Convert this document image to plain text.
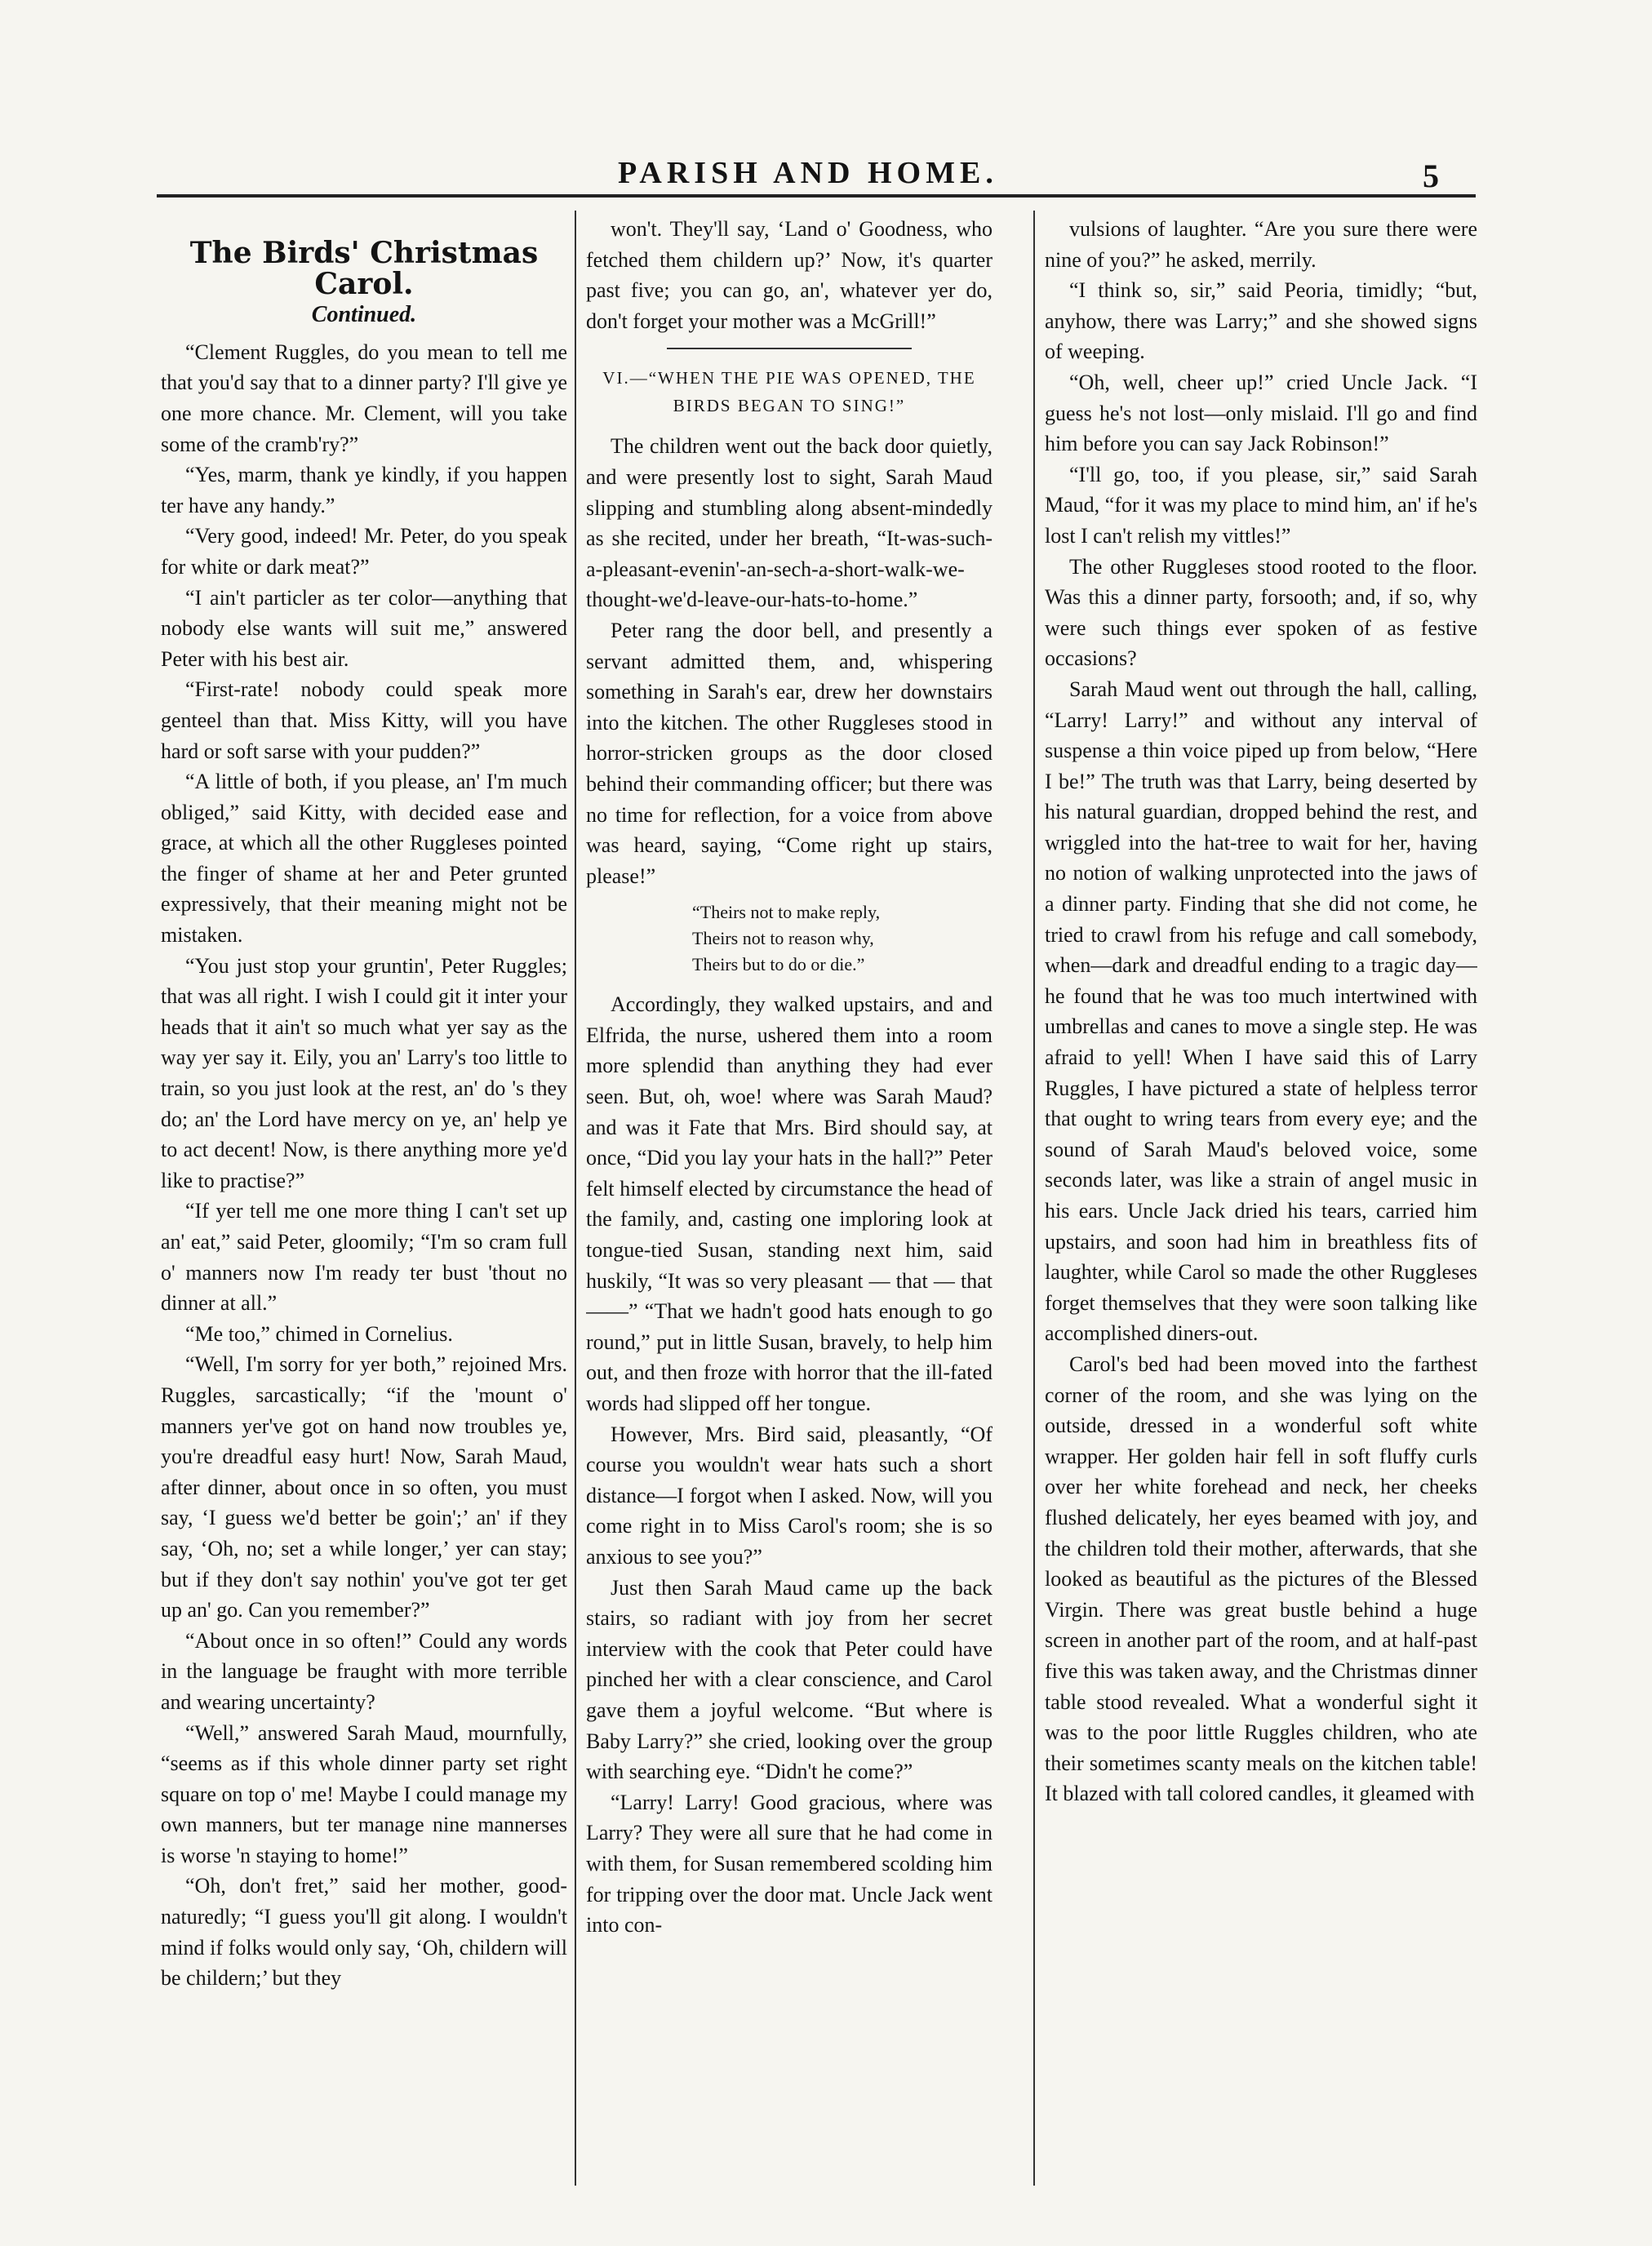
PARISH AND HOME.	5
The Birds' Christmas Carol.
Continued.

“Clement Ruggles, do you mean to tell me that you'd say that to a dinner party? I'll give ye one more chance. Mr. Clement, will you take some of the cramb'ry?”

“Yes, marm, thank ye kindly, if you happen ter have any handy.”

“Very good, indeed! Mr. Peter, do you speak for white or dark meat?”

“I ain't particler as ter color—anything that nobody else wants will suit me,” answered Peter with his best air.

“First-rate! nobody could speak more genteel than that. Miss Kitty, will you have hard or soft sarse with your pudden?”

“A little of both, if you please, an' I'm much obliged,” said Kitty, with decided ease and grace, at which all the other Ruggleses pointed the finger of shame at her and Peter grunted expressively, that their meaning might not be mistaken.

“You just stop your gruntin', Peter Ruggles; that was all right. I wish I could git it inter your heads that it ain't so much what yer say as the way yer say it. Eily, you an' Larry's too little to train, so you just look at the rest, an' do 's they do; an' the Lord have mercy on ye, an' help ye to act decent! Now, is there anything more ye'd like to practise?”

“If yer tell me one more thing I can't set up an' eat,” said Peter, gloomily; “I'm so cram full o' manners now I'm ready ter bust 'thout no dinner at all.”

“Me too,” chimed in Cornelius.

“Well, I'm sorry for yer both,” rejoined Mrs. Ruggles, sarcastically; “if the 'mount o' manners yer've got on hand now troubles ye, you're dreadful easy hurt! Now, Sarah Maud, after dinner, about once in so often, you must say, ‘I guess we'd better be goin';’ an' if they say, ‘Oh, no; set a while longer,’ yer can stay; but if they don't say nothin' you've got ter get up an' go. Can you remember?”

“About once in so often!” Could any words in the language be fraught with more terrible and wearing uncertainty?

“Well,” answered Sarah Maud, mournfully, “seems as if this whole dinner party set right square on top o' me! Maybe I could manage my own manners, but ter manage nine mannerses is worse 'n staying to home!”

“Oh, don't fret,” said her mother, good-naturedly; “I guess you'll git along. I wouldn't mind if folks would only say, ‘Oh, childern will be childern;’ but they

won't. They'll say, ‘Land o' Goodness, who fetched them childern up?’ Now, it's quarter past five; you can go, an', whatever yer do, don't forget your mother was a McGrill!”

VI.—“WHEN THE PIE WAS OPENED, THE BIRDS BEGAN TO SING!”

The children went out the back door quietly, and were presently lost to sight, Sarah Maud slipping and stumbling along absent-mindedly as she recited, under her breath, “It-was-such-a-pleasant-evenin'-an-sech-a-short-walk-we-thought-we'd-leave-our-hats-to-home.”

Peter rang the door bell, and presently a servant admitted them, and, whispering something in Sarah's ear, drew her downstairs into the kitchen. The other Ruggleses stood in horror-stricken groups as the door closed behind their commanding officer; but there was no time for reflection, for a voice from above was heard, saying, “Come right up stairs, please!”

“Theirs not to make reply,
Theirs not to reason why,
Theirs but to do or die.”

Accordingly, they walked upstairs, and and Elfrida, the nurse, ushered them into a room more splendid than anything they had ever seen. But, oh, woe! where was Sarah Maud? and was it Fate that Mrs. Bird should say, at once, “Did you lay your hats in the hall?” Peter felt himself elected by circumstance the head of the family, and, casting one imploring look at tongue-tied Susan, standing next him, said huskily, “It was so very pleasant — that — that——” “That we hadn't good hats enough to go round,” put in little Susan, bravely, to help him out, and then froze with horror that the ill-fated words had slipped off her tongue.

However, Mrs. Bird said, pleasantly, “Of course you wouldn't wear hats such a short distance—I forgot when I asked. Now, will you come right in to Miss Carol's room; she is so anxious to see you?”

Just then Sarah Maud came up the back stairs, so radiant with joy from her secret interview with the cook that Peter could have pinched her with a clear conscience, and Carol gave them a joyful welcome. “But where is Baby Larry?” she cried, looking over the group with searching eye. “Didn't he come?”

“Larry! Larry! Good gracious, where was Larry? They were all sure that he had come in with them, for Susan remembered scolding him for tripping over the door mat. Uncle Jack went into con-

vulsions of laughter. “Are you sure there were nine of you?” he asked, merrily.

“I think so, sir,” said Peoria, timidly; “but, anyhow, there was Larry;” and she showed signs of weeping.

“Oh, well, cheer up!” cried Uncle Jack. “I guess he's not lost—only mislaid. I'll go and find him before you can say Jack Robinson!”

“I'll go, too, if you please, sir,” said Sarah Maud, “for it was my place to mind him, an' if he's lost I can't relish my vittles!”

The other Ruggleses stood rooted to the floor. Was this a dinner party, forsooth; and, if so, why were such things ever spoken of as festive occasions?

Sarah Maud went out through the hall, calling, “Larry! Larry!” and without any interval of suspense a thin voice piped up from below, “Here I be!” The truth was that Larry, being deserted by his natural guardian, dropped behind the rest, and wriggled into the hat-tree to wait for her, having no notion of walking unprotected into the jaws of a dinner party. Finding that she did not come, he tried to crawl from his refuge and call somebody, when—dark and dreadful ending to a tragic day—he found that he was too much intertwined with umbrellas and canes to move a single step. He was afraid to yell! When I have said this of Larry Ruggles, I have pictured a state of helpless terror that ought to wring tears from every eye; and the sound of Sarah Maud's beloved voice, some seconds later, was like a strain of angel music in his ears. Uncle Jack dried his tears, carried him upstairs, and soon had him in breathless fits of laughter, while Carol so made the other Ruggleses forget themselves that they were soon talking like accomplished diners-out.

Carol's bed had been moved into the farthest corner of the room, and she was lying on the outside, dressed in a wonderful soft white wrapper. Her golden hair fell in soft fluffy curls over her white forehead and neck, her cheeks flushed delicately, her eyes beamed with joy, and the children told their mother, afterwards, that she looked as beautiful as the pictures of the Blessed Virgin. There was great bustle behind a huge screen in another part of the room, and at half-past five this was taken away, and the Christmas dinner table stood revealed. What a wonderful sight it was to the poor little Ruggles children, who ate their sometimes scanty meals on the kitchen table! It blazed with tall colored candles, it gleamed with
